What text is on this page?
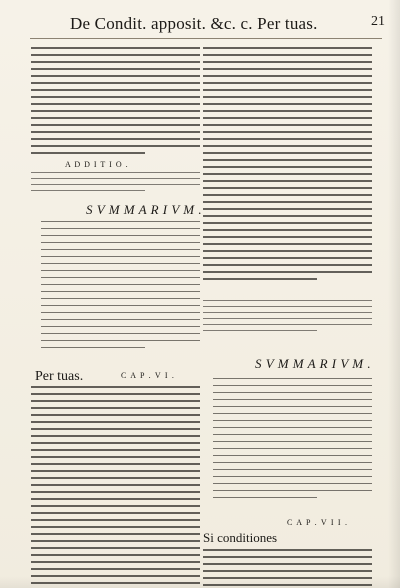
De Condit. apposit. &c. c. Per tuas.	21
A D D I T I O .
S V M M A R I V M .
Per tuas.	C A P . V I .
S V M M A R I V M .
C A P . V I I .
Si conditiones
